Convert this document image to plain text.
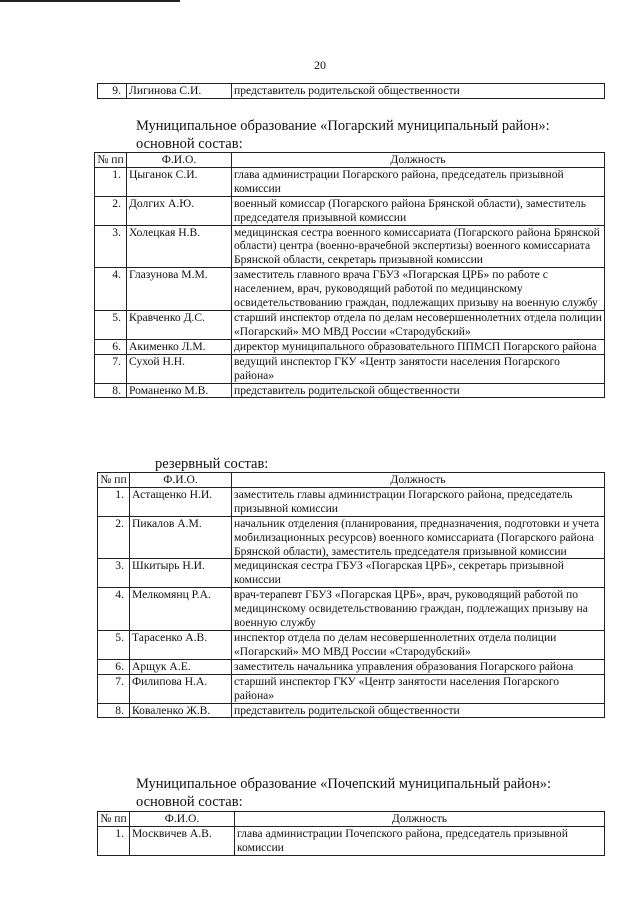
20
9.	Лигинова С.И.	представитель родительской общественности
Муниципальное образование «Погарский муниципальный район»:
основной состав:
№ пп	Ф.И.О.	Должность
1.	Цыганок С.И.	глава администрации Погарского района, председатель призывной комиссии
2.	Долгих А.Ю.	военный комиссар (Погарского района Брянской области), заместитель председателя призывной комиссии
3.	Холецкая Н.В.	медицинская сестра военного комиссариата (Погарского района Брянской области) центра (военно-врачебной экспертизы) военного комиссариата Брянской области, секретарь призывной комиссии
4.	Глазунова М.М.	заместитель главного врача ГБУЗ «Погарская ЦРБ» по работе с населением, врач, руководящий работой по медицинскому освидетельствованию граждан, подлежащих призыву на военную службу
5.	Кравченко Д.С.	старший инспектор отдела по делам несовершеннолетних отдела полиции «Погарский» МО МВД России «Стародубский»
6.	Акименко Л.М.	директор муниципального образовательного ППМСП Погарского района
7.	Сухой Н.Н.	ведущий инспектор ГКУ «Центр занятости населения Погарского района»
8.	Романенко М.В.	представитель родительской общественности
резервный состав:
№ пп	Ф.И.О.	Должность
1.	Астащенко Н.И.	заместитель главы администрации Погарского района, председатель призывной комиссии
2.	Пикалов А.М.	начальник отделения (планирования, предназначения, подготовки и учета мобилизационных ресурсов) военного комиссариата (Погарского района Брянской области), заместитель председателя призывной комиссии
3.	Шкитырь Н.И.	медицинская сестра ГБУЗ «Погарская ЦРБ», секретарь призывной комиссии
4.	Мелкомянц Р.А.	врач-терапевт ГБУЗ «Погарская ЦРБ», врач, руководящий работой по медицинскому освидетельствованию граждан, подлежащих призыву на военную службу
5.	Тарасенко А.В.	инспектор отдела по делам несовершеннолетних отдела полиции «Погарский» МО МВД России «Стародубский»
6.	Арщук А.Е.	заместитель начальника управления образования Погарского района
7.	Филипова Н.А.	старший инспектор ГКУ «Центр занятости населения Погарского района»
8.	Коваленко Ж.В.	представитель родительской общественности
Муниципальное образование «Почепский муниципальный район»:
основной состав:
№ пп	Ф.И.О.	Должность
1.	Москвичев А.В.	глава администрации Почепского района, председатель призывной комиссии
